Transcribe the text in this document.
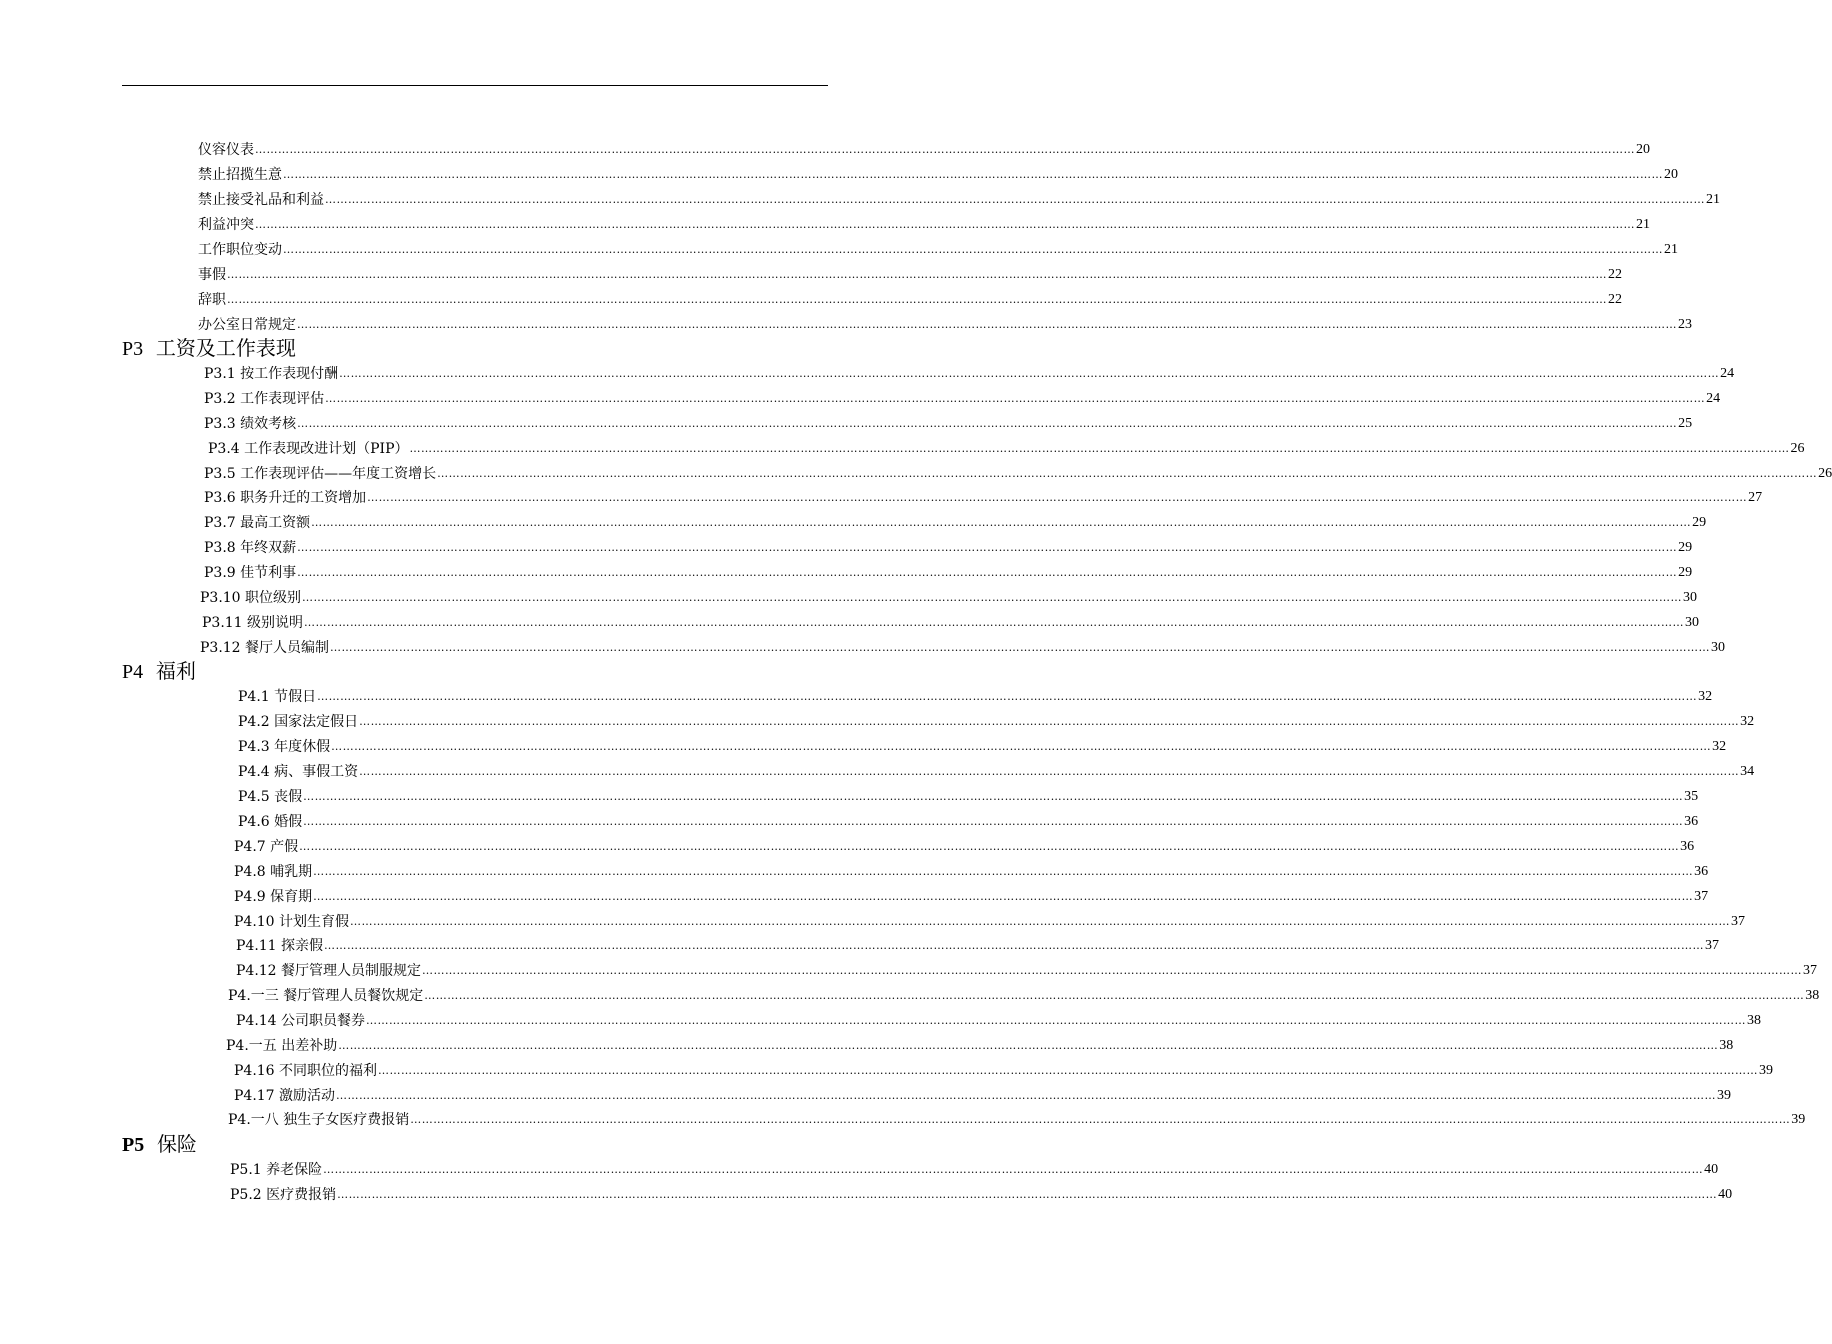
仪容仪表 ……………………………………………………………………………………………………………………………………………………………………………………………………………………………………………………………………………………………………………………………… 20
禁止招揽生意 ……………………………………………………………………………………………………………………………………………………………………………………………………………………………………………………………………………………………………………………………… 20
禁止接受礼品和利益 ……………………………………………………………………………………………………………………………………………………………………………………………………………………………………………………………………………………………………………………………… 21
利益冲突 ……………………………………………………………………………………………………………………………………………………………………………………………………………………………………………………………………………………………………………………………… 21
工作职位变动 ……………………………………………………………………………………………………………………………………………………………………………………………………………………………………………………………………………………………………………………………… 21
事假 ……………………………………………………………………………………………………………………………………………………………………………………………………………………………………………………………………………………………………………………………… 22
辞职 ……………………………………………………………………………………………………………………………………………………………………………………………………………………………………………………………………………………………………………………………… 22
办公室日常规定 ……………………………………………………………………………………………………………………………………………………………………………………………………………………………………………………………………………………………………………………………… 23
P3 工资及工作表现
P3.1 按工作表现付酬 ……………………………………………………………………………………………………………………………………………………………………………………………………………………………………………………………………………………………………………………………… 24
P3.2 工作表现评估 ……………………………………………………………………………………………………………………………………………………………………………………………………………………………………………………………………………………………………………………………… 24
P3.3 绩效考核 ……………………………………………………………………………………………………………………………………………………………………………………………………………………………………………………………………………………………………………………………… 25
P3.4 工作表现改进计划（PIP） ……………………………………………………………………………………………………………………………………………………………………………………………………………………………………………………………………………………………………………………………… 26
P3.5 工作表现评估——年度工资增长 ……………………………………………………………………………………………………………………………………………………………………………………………………………………………………………………………………………………………………………………………… 26
P3.6 职务升迁的工资增加 ……………………………………………………………………………………………………………………………………………………………………………………………………………………………………………………………………………………………………………………………… 27
P3.7 最高工资额 ……………………………………………………………………………………………………………………………………………………………………………………………………………………………………………………………………………………………………………………………… 29
P3.8 年终双薪 ……………………………………………………………………………………………………………………………………………………………………………………………………………………………………………………………………………………………………………………………… 29
P3.9 佳节利事 ……………………………………………………………………………………………………………………………………………………………………………………………………………………………………………………………………………………………………………………………… 29
P3.10 职位级别 ……………………………………………………………………………………………………………………………………………………………………………………………………………………………………………………………………………………………………………………………… 30
P3.11 级别说明 ……………………………………………………………………………………………………………………………………………………………………………………………………………………………………………………………………………………………………………………………… 30
P3.12 餐厅人员编制 ……………………………………………………………………………………………………………………………………………………………………………………………………………………………………………………………………………………………………………………………… 30
P4 福利
P4.1 节假日 ……………………………………………………………………………………………………………………………………………………………………………………………………………………………………………………………………………………………………………………………… 32
P4.2 国家法定假日 ……………………………………………………………………………………………………………………………………………………………………………………………………………………………………………………………………………………………………………………………… 32
P4.3 年度休假 ……………………………………………………………………………………………………………………………………………………………………………………………………………………………………………………………………………………………………………………………… 32
P4.4 病、事假工资 ……………………………………………………………………………………………………………………………………………………………………………………………………………………………………………………………………………………………………………………………… 34
P4.5 丧假 ……………………………………………………………………………………………………………………………………………………………………………………………………………………………………………………………………………………………………………………………… 35
P4.6 婚假 ……………………………………………………………………………………………………………………………………………………………………………………………………………………………………………………………………………………………………………………………… 36
P4.7 产假 ……………………………………………………………………………………………………………………………………………………………………………………………………………………………………………………………………………………………………………………………… 36
P4.8 哺乳期 ……………………………………………………………………………………………………………………………………………………………………………………………………………………………………………………………………………………………………………………………… 36
P4.9 保育期 ……………………………………………………………………………………………………………………………………………………………………………………………………………………………………………………………………………………………………………………………… 37
P4.10 计划生育假 ……………………………………………………………………………………………………………………………………………………………………………………………………………………………………………………………………………………………………………………………… 37
P4.11 探亲假 ……………………………………………………………………………………………………………………………………………………………………………………………………………………………………………………………………………………………………………………………… 37
P4.12 餐厅管理人员制服规定 ……………………………………………………………………………………………………………………………………………………………………………………………………………………………………………………………………………………………………………………………… 37
P4.一三 餐厅管理人员餐饮规定 ……………………………………………………………………………………………………………………………………………………………………………………………………………………………………………………………………………………………………………………………… 38
P4.14 公司职员餐券 ……………………………………………………………………………………………………………………………………………………………………………………………………………………………………………………………………………………………………………………………… 38
P4.一五 出差补助 ……………………………………………………………………………………………………………………………………………………………………………………………………………………………………………………………………………………………………………………………… 38
P4.16 不同职位的福利 ……………………………………………………………………………………………………………………………………………………………………………………………………………………………………………………………………………………………………………………………… 39
P4.17 激励活动 ……………………………………………………………………………………………………………………………………………………………………………………………………………………………………………………………………………………………………………………………… 39
P4.一八 独生子女医疗费报销 ……………………………………………………………………………………………………………………………………………………………………………………………………………………………………………………………………………………………………………………………… 39
P5 保险
P5.1 养老保险 ……………………………………………………………………………………………………………………………………………………………………………………………………………………………………………………………………………………………………………………………… 40
P5.2 医疗费报销 ……………………………………………………………………………………………………………………………………………………………………………………………………………………………………………………………………………………………………………………………… 40
